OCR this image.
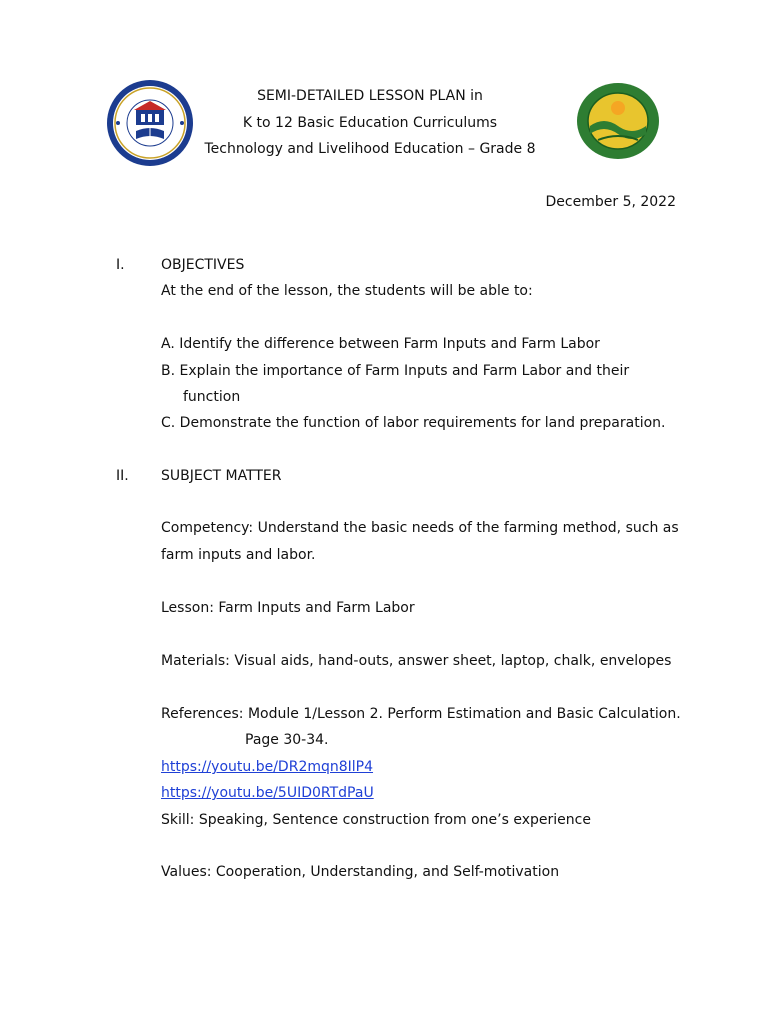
SEMI-DETAILED LESSON PLAN in
K to 12 Basic Education Curriculums
Technology and Livelihood Education – Grade 8
December 5, 2022
I.	OBJECTIVES
At the end of the lesson, the students will be able to:
A. Identify the difference between Farm Inputs and Farm Labor
B. Explain the importance of Farm Inputs and Farm Labor and their
function
C. Demonstrate the function of labor requirements for land preparation.
II. SUBJECT MATTER
Competency: Understand the basic needs of the farming method, such as
farm inputs and labor.
Lesson: Farm Inputs and Farm Labor
Materials: Visual aids, hand-outs, answer sheet, laptop, chalk, envelopes
References: Module 1/Lesson 2. Perform Estimation and Basic Calculation.
Page 30-34.
https://youtu.be/DR2mqn8IlP4
https://youtu.be/5UID0RTdPaU
Skill: Speaking, Sentence construction from one’s experience
Values: Cooperation, Understanding, and Self-motivation
